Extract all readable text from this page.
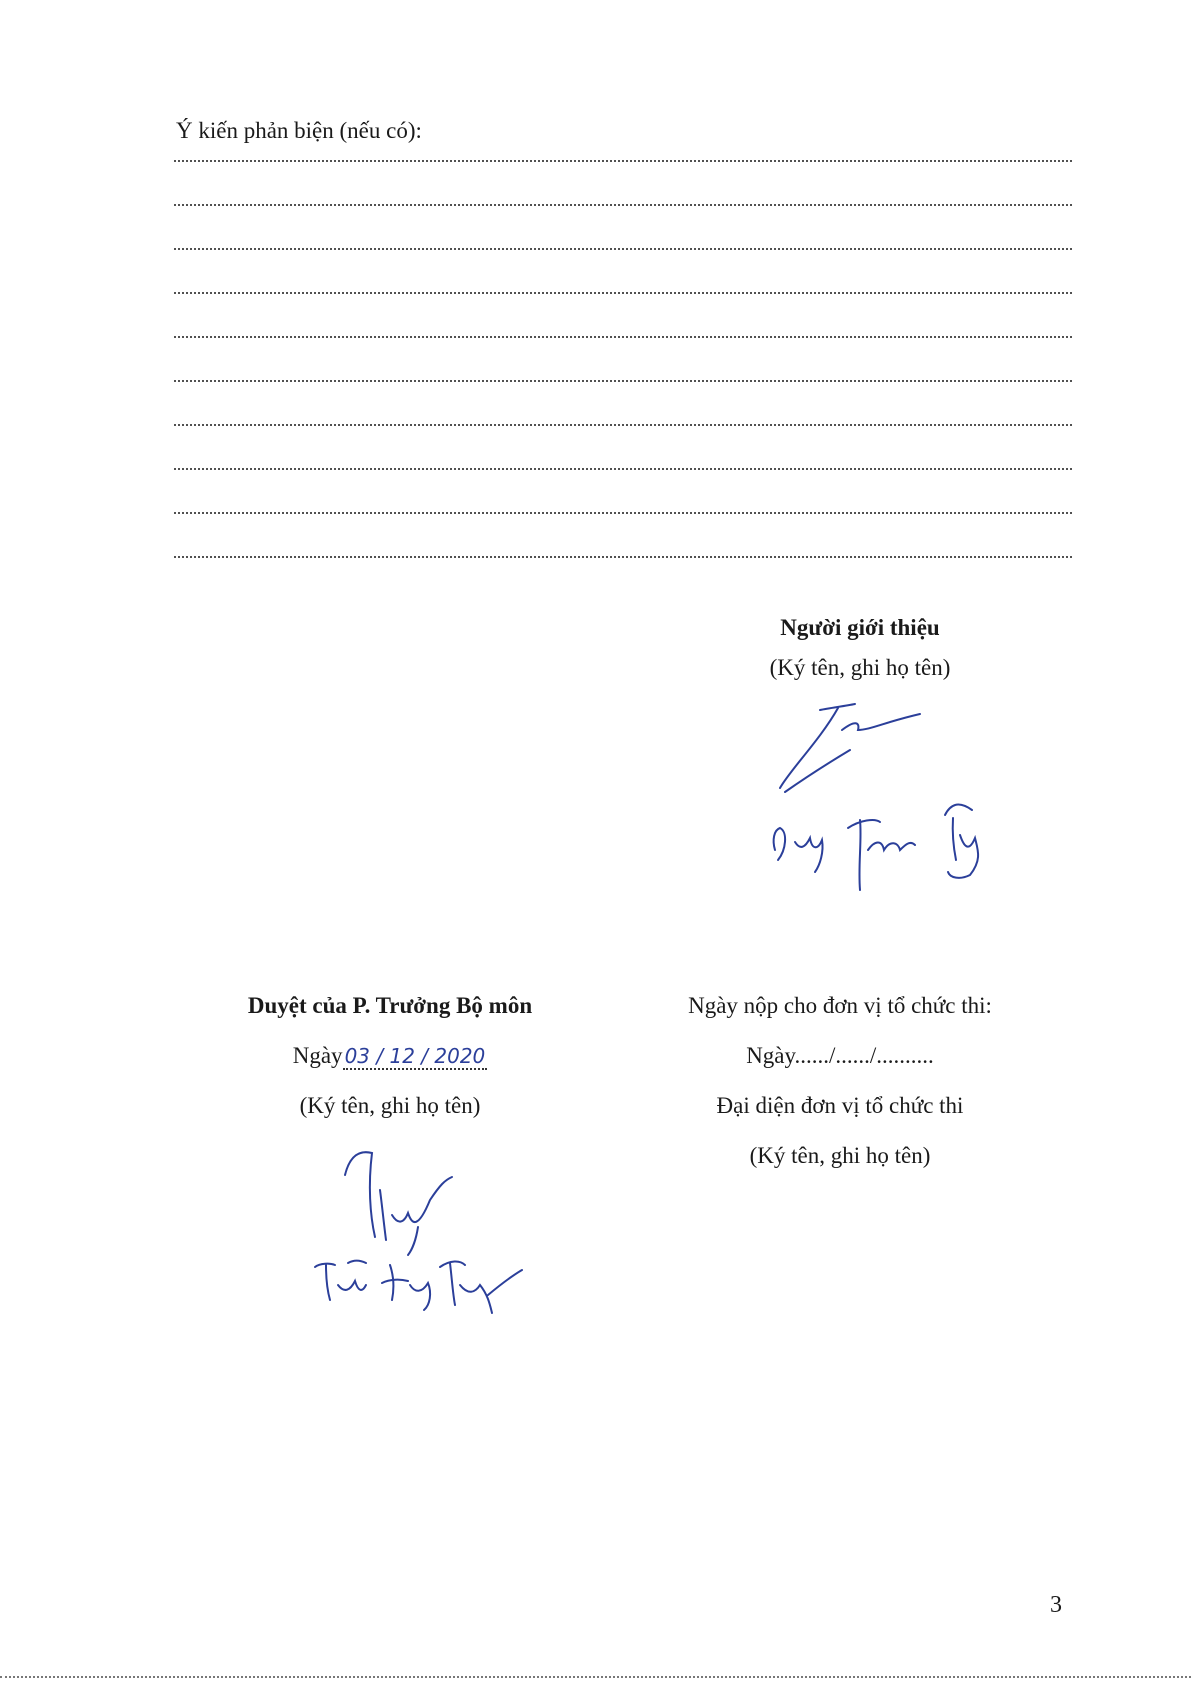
Ý kiến phản biện (nếu có):
Người giới thiệu
(Ký tên, ghi họ tên)
Duyệt của P. Trưởng Bộ môn
Ngày 03 / 12 / 2020
(Ký tên, ghi họ tên)
Ngày nộp cho đơn vị tổ chức thi:
Ngày....../....../..........
Đại diện đơn vị tổ chức thi
(Ký tên, ghi họ tên)
3
